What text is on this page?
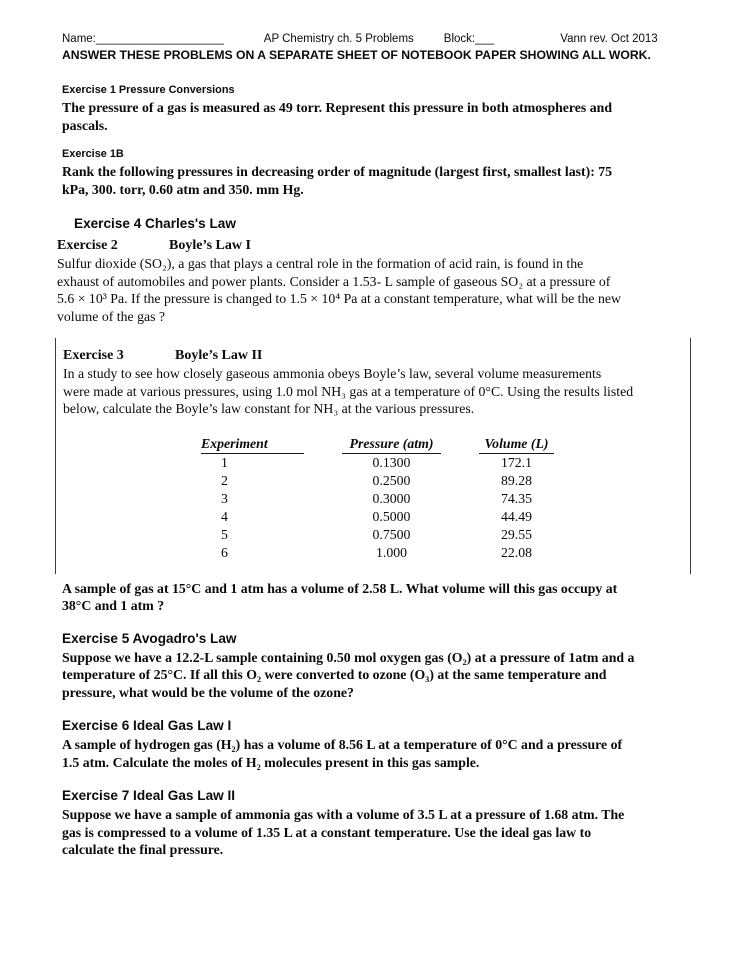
Name: ____________________	AP Chemistry ch. 5 Problems	Block: ___	Vann rev. Oct 2013
ANSWER THESE PROBLEMS ON A SEPARATE SHEET OF NOTEBOOK PAPER SHOWING ALL WORK.
Exercise 1 Pressure Conversions
The pressure of a gas is measured as 49 torr. Represent this pressure in both atmospheres and
pascals.
Exercise 1B
Rank the following pressures in decreasing order of magnitude (largest first, smallest last): 75
kPa, 300. torr, 0.60 atm and 350. mm Hg.
Exercise 4 Charles's Law
Exercise 2	Boyle’s Law I
Sulfur dioxide (SO₂), a gas that plays a central role in the formation of acid rain, is found in the
exhaust of automobiles and power plants. Consider a 1.53- L sample of gaseous SO₂ at a pressure of
5.6 × 10³ Pa. If the pressure is changed to 1.5 × 10⁴ Pa at a constant temperature, what will be the new
volume of the gas ?
Exercise 3	Boyle’s Law II
In a study to see how closely gaseous ammonia obeys Boyle’s law, several volume measurements
were made at various pressures, using 1.0 mol NH₃ gas at a temperature of 0°C. Using the results listed
below, calculate the Boyle’s law constant for NH₃ at the various pressures.
Experiment	Pressure (atm)	Volume (L)
1	0.1300	172.1
2	0.2500	89.28
3	0.3000	74.35
4	0.5000	44.49
5	0.7500	29.55
6	1.000	22.08
A sample of gas at 15°C and 1 atm has a volume of 2.58 L. What volume will this gas occupy at
38°C and 1 atm ?
Exercise 5 Avogadro's Law
Suppose we have a 12.2-L sample containing 0.50 mol oxygen gas (O₂) at a pressure of 1atm and a
temperature of 25°C. If all this O₂ were converted to ozone (O₃) at the same temperature and
pressure, what would be the volume of the ozone?
Exercise 6 Ideal Gas Law I
A sample of hydrogen gas (H₂) has a volume of 8.56 L at a temperature of 0°C and a pressure of
1.5 atm. Calculate the moles of H₂ molecules present in this gas sample.
Exercise 7 Ideal Gas Law II
Suppose we have a sample of ammonia gas with a volume of 3.5 L at a pressure of 1.68 atm. The
gas is compressed to a volume of 1.35 L at a constant temperature. Use the ideal gas law to
calculate the final pressure.
